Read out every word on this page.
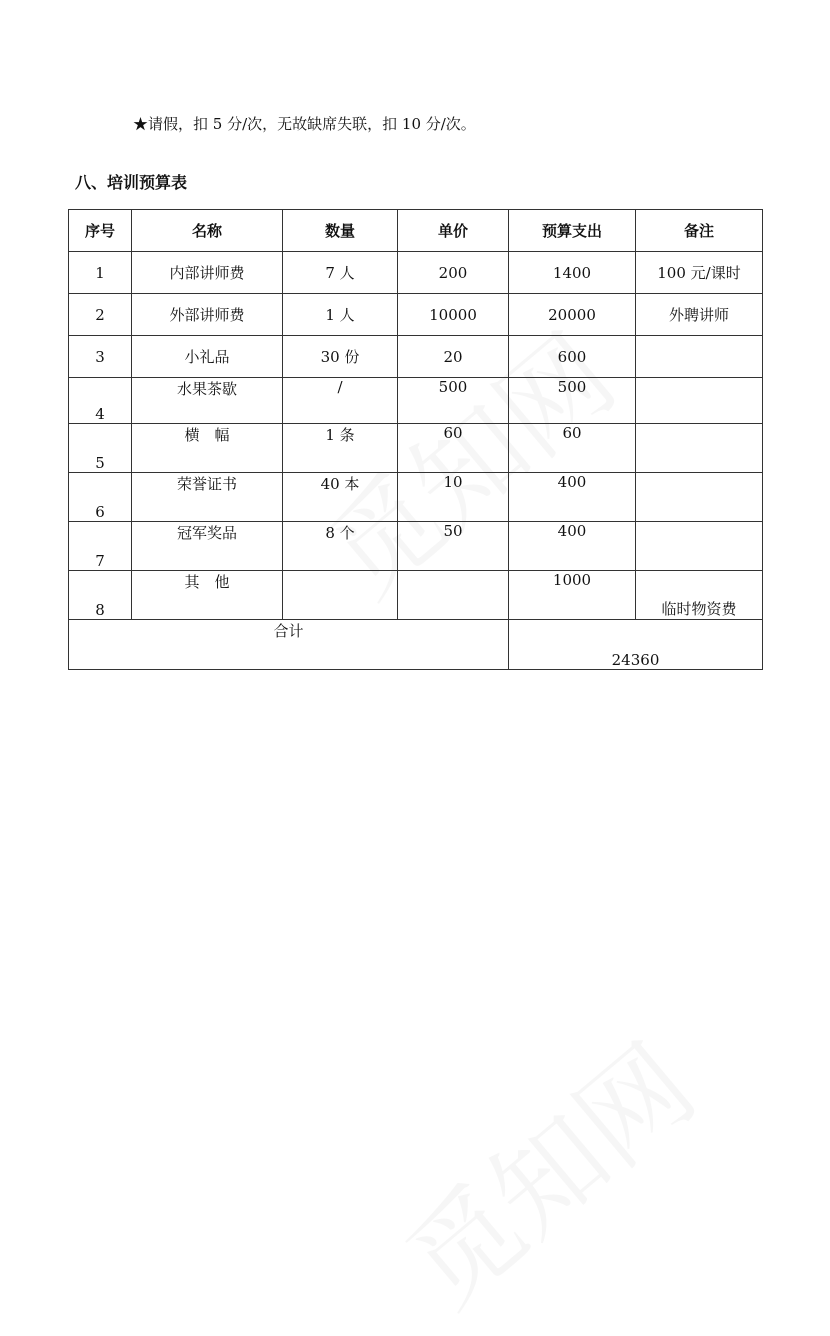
★请假，扣 5 分/次，无故缺席失联，扣 10 分/次。
八、培训预算表
序号	名称	数量	单价	预算支出	备注
1	内部讲师费	7 人	200	1400	100 元/课时
2	外部讲师费	1 人	10000	20000	外聘讲师
3	小礼品	30 份	20	600	
4	水果茶歇	/	500	500	
5	横　幅	1 条	60	60	
6	荣誉证书	40 本	10	400	
7	冠军奖品	8 个	50	400	
8	其　他			1000	临时物资费
合计				24360	
